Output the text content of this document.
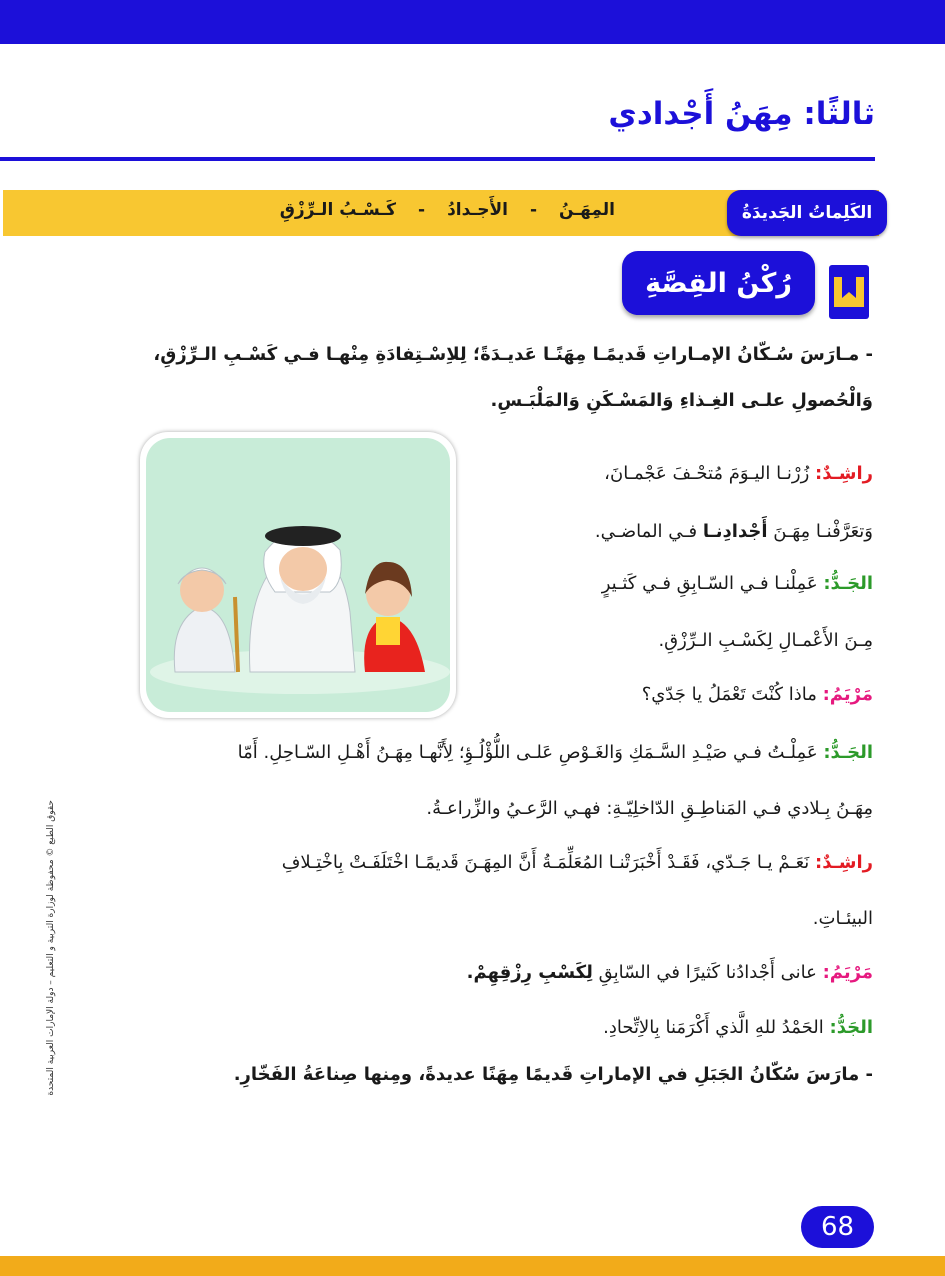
ثالثًا: مِهَنُ أَجْدادي
الكَلِماتُ الجَديدَةُ
المِهَـنُ
-
الأَجـدادُ
-
كَـسْـبُ الـرِّزْقِ
رُكْنُ القِصَّةِ
- مـارَسَ سُـكّانُ الإمـاراتِ قَديمًـا مِهَنًـا عَديـدَةً؛ لِلاِسْـتِفادَةِ مِنْهـا فـي كَسْـبِ الـرِّزْقِ،
وَالْحُصولِ علـى الغِـذاءِ وَالمَسْـكَنِ وَالمَلْبَـسِ.
راشِـدٌ: زُرْنـا اليـوَمَ مُتحْـفَ عَجْمـانَ،
وَتعَرَّفْنـا مِهَـنَ أَجْدادِنـا فـي الماضـي.
الجَـدُّ: عَمِلْنـا فـي السّـابِقِ فـي كَثـيرٍ
مِـنَ الأَعْمـالِ لِكَسْـبِ الـرِّزْقِ.
مَرْيَمُ: ماذا كُنْتَ تَعْمَلُ يا جَدّي؟
الجَـدُّ: عَمِلْـتُ فـي صَيْـدِ السَّـمَكِ وَالغَـوْصِ عَلـى اللُّؤْلُـؤِ؛ لِأَنَّهـا مِهَـنُ أَهْـلِ السّـاحِلِ. أَمّا
مِهَـنُ بِـلادي فـي المَناطِـقِ الدّاخلِيّـةِ: فهـي الرَّعـيُ والزِّراعـةُ.
راشِـدٌ: نَعَـمْ يـا جَـدّي، فَقَـدْ أَخْبَرَتْنـا المُعَلِّمَـةُ أَنَّ المِهَـنَ قَديمًـا اخْتَلَفَـتْ بِاخْتِـلافِ
البيئـاتِ.
مَرْيَمُ: عانى أَجْدادُنا كَثيرًا في السّابِقِ لِكَسْبِ رِزْقِهِمْ.
الجَدُّ: الحَمْدُ للهِ الَّذي أَكْرَمَنا بِالاِتِّحادِ.
- مارَسَ سُكّانُ الجَبَلِ في الإماراتِ قَديمًا مِهَنًا عديدةً، ومِنها صِناعَةُ الفَخّارِ.
حقوق الطبع © محفوظة لوزارة التربية و التعليم – دولة الإمارات العربية المتحدة
68
